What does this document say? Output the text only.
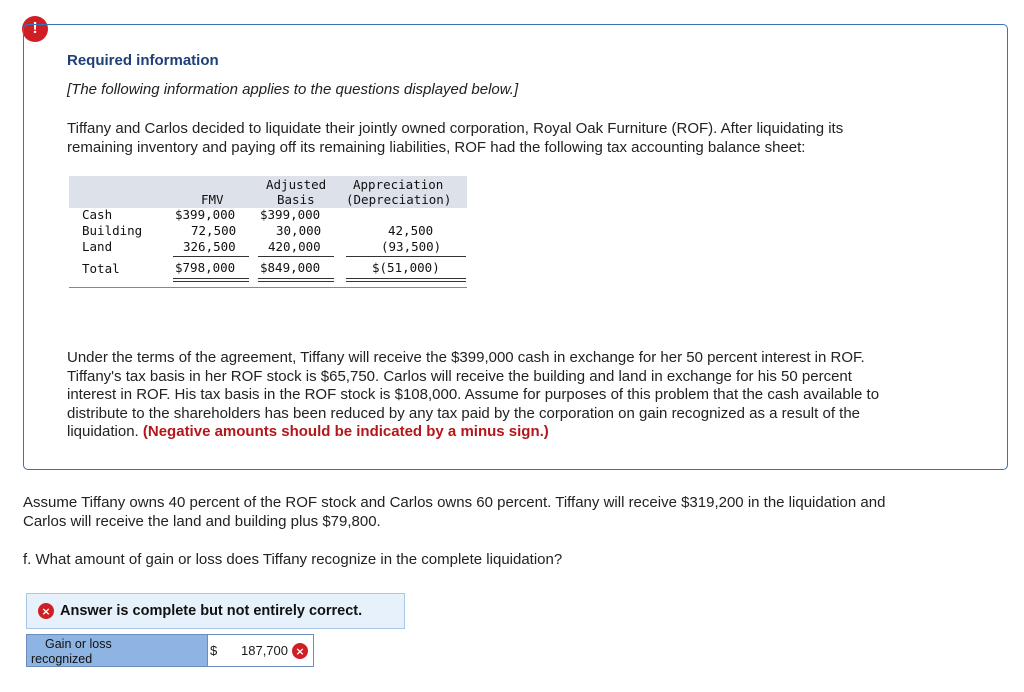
!
Required information
[The following information applies to the questions displayed below.]
Tiffany and Carlos decided to liquidate their jointly owned corporation, Royal Oak Furniture (ROF). After liquidating its
remaining inventory and paying off its remaining liabilities, ROF had the following tax accounting balance sheet:
Adjusted Appreciation
FMV	Basis	(Depreciation)
Cash	$399,000 $399,000
Building	72,500	30,000	42,500
Land	326,500	420,000	(93,500)
Total	$798,000 $849,000	$(51,000)
Under the terms of the agreement, Tiffany will receive the $399,000 cash in exchange for her 50 percent interest in ROF.
Tiffany's tax basis in her ROF stock is $65,750. Carlos will receive the building and land in exchange for his 50 percent
interest in ROF. His tax basis in the ROF stock is $108,000. Assume for purposes of this problem that the cash available to
distribute to the shareholders has been reduced by any tax paid by the corporation on gain recognized as a result of the
liquidation. (Negative amounts should be indicated by a minus sign.)
Assume Tiffany owns 40 percent of the ROF stock and Carlos owns 60 percent. Tiffany will receive $319,200 in the liquidation and
Carlos will receive the land and building plus $79,800.
f. What amount of gain or loss does Tiffany recognize in the complete liquidation?
× Answer is complete but not entirely correct.
Gain or loss
recognized
$ 187,700 ×
